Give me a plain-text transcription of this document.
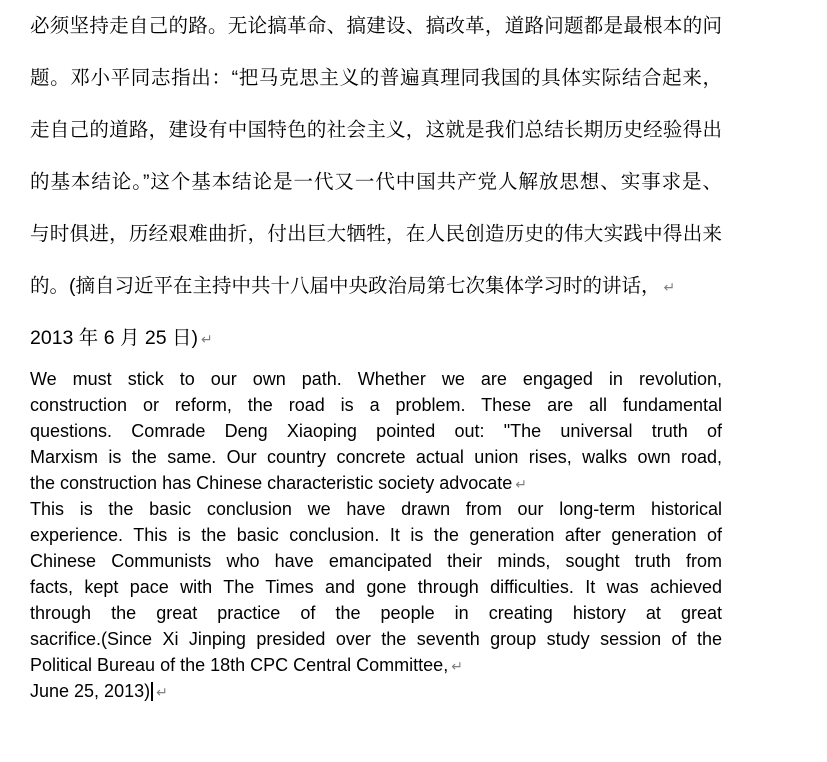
必须坚持走自己的路。无论搞革命、搞建设、搞改革，道路问题都是最根本的问
题。邓小平同志指出：“把马克思主义的普遍真理同我国的具体实际结合起来，
走自己的道路，建设有中国特色的社会主义，这就是我们总结长期历史经验得出
的基本结论。”这个基本结论是一代又一代中国共产党人解放思想、实事求是、
与时俱进，历经艰难曲折，付出巨大牺牲，在人民创造历史的伟大实践中得出来
的。(摘自习近平在主持中共十八届中央政治局第七次集体学习时的讲话， ↵
2013 年 6 月 25 日) ↵
We must stick to our own path. Whether we are engaged in revolution,
construction or reform, the road is a problem. These are all fundamental
questions. Comrade Deng Xiaoping pointed out: "The universal truth of
Marxism is the same. Our country concrete actual union rises, walks own road,
the construction has Chinese characteristic society advocate ↵
This is the basic conclusion we have drawn from our long-term historical
experience. This is the basic conclusion. It is the generation after generation of
Chinese Communists who have emancipated their minds, sought truth from
facts, kept pace with The Times and gone through difficulties. It was achieved
through the great practice of the people in creating history at great
sacrifice.(Since Xi Jinping presided over the seventh group study session of the
Political Bureau of the 18th CPC Central Committee, ↵
June 25, 2013) ↵
